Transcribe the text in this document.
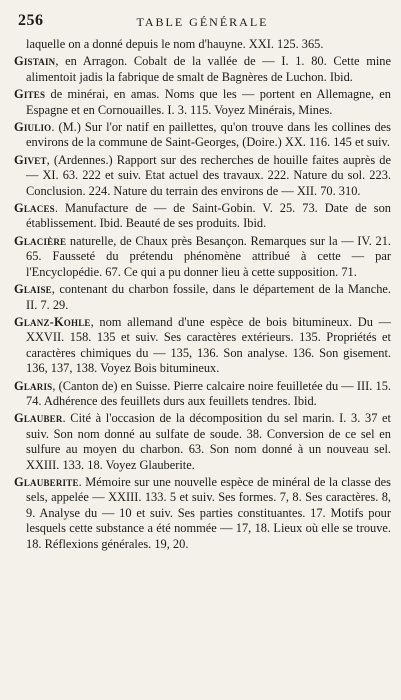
256	TABLE GÉNÉRALE

laquelle on a donné depuis le nom d'hauyne. XXI. 125. 365.

Gistain, en Arragon. Cobalt de la vallée de — I. 1. 80. Cette mine alimentoit jadis la fabrique de smalt de Bagnères de Luchon. Ibid.

Gites de minérai, en amas. Noms que les — portent en Allemagne, en Espagne et en Cornouailles. I. 3. 115. Voyez Minérais, Mines.

Giulio. (M.) Sur l'or natif en paillettes, qu'on trouve dans les collines des environs de la commune de Saint-Georges, (Doire.) XX. 116. 145 et suiv.

Givet, (Ardennes.) Rapport sur des recherches de houille faites auprès de — XI. 63. 222 et suiv. Etat actuel des travaux. 222. Nature du sol. 223. Conclusion. 224. Nature du terrain des environs de — XII. 70. 310.

Glaces. Manufacture de — de Saint-Gobin. V. 25. 73. Date de son établissement. Ibid. Beauté de ses produits. Ibid.

Glacière naturelle, de Chaux près Besançon. Remarques sur la — IV. 21. 65. Fausseté du prétendu phénomène attribué à cette — par l'Encyclopédie. 67. Ce qui a pu donner lieu à cette supposition. 71.

Glaise, contenant du charbon fossile, dans le département de la Manche. II. 7. 29.

Glanz-Kohle, nom allemand d'une espèce de bois bitumineux. Du — XXVII. 158. 135 et suiv. Ses caractères extérieurs. 135. Propriétés et caractères chimiques du — 135, 136. Son analyse. 136. Son gisement. 136, 137, 138. Voyez Bois bitumineux.

Glaris, (Canton de) en Suisse. Pierre calcaire noire feuilletée du — III. 15. 74. Adhérence des feuillets durs aux feuillets tendres. Ibid.

Glauber. Cité à l'occasion de la décomposition du sel marin. I. 3. 37 et suiv. Son nom donné au sulfate de soude. 38. Conversion de ce sel en sulfure au moyen du charbon. 63. Son nom donné à un nouveau sel. XXIII. 133. 18. Voyez Glauberite.

Glauberite. Mémoire sur une nouvelle espèce de minéral de la classe des sels, appelée — XXIII. 133. 5 et suiv. Ses formes. 7, 8. Ses caractères. 8, 9. Analyse du — 10 et suiv. Ses parties constituantes. 17. Motifs pour lesquels cette substance a été nommée — 17, 18. Lieux où elle se trouve. 18. Réflexions générales. 19, 20.
